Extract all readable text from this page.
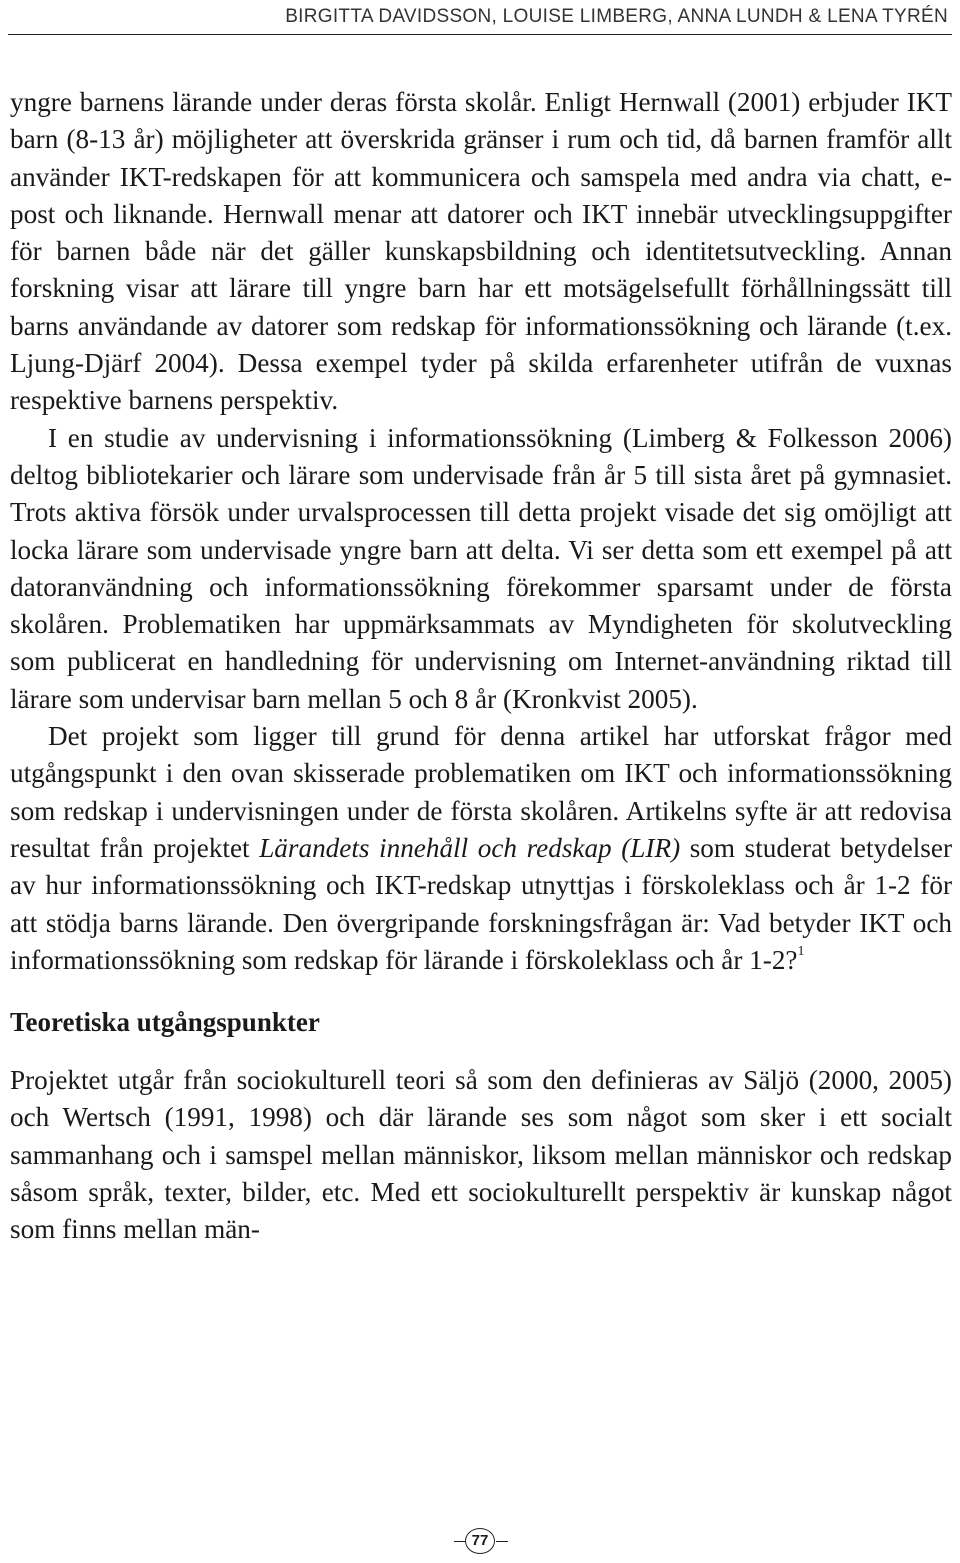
BIRGITTA DAVIDSSON, LOUISE LIMBERG, ANNA LUNDH & LENA TYRÉN

yngre barnens lärande under deras första skolår. Enligt Hernwall (2001) erbjuder IKT barn (8-13 år) möjligheter att överskrida gränser i rum och tid, då barnen framför allt använder IKT-redskapen för att kommunicera och samspela med andra via chatt, e-post och liknande. Hernwall menar att datorer och IKT innebär utvecklingsuppgifter för barnen både när det gäller kunskapsbildning och identitetsutveckling. Annan forskning visar att lärare till yngre barn har ett motsägelsefullt förhållningssätt till barns användande av datorer som redskap för informationssökning och lärande (t.ex. Ljung-Djärf 2004). Dessa exempel tyder på skilda erfarenheter utifrån de vuxnas respektive barnens perspektiv.

I en studie av undervisning i informationssökning (Limberg & Folkesson 2006) deltog bibliotekarier och lärare som undervisade från år 5 till sista året på gymnasiet. Trots aktiva försök under urvalsprocessen till detta projekt visade det sig omöjligt att locka lärare som undervisade yngre barn att delta. Vi ser detta som ett exempel på att datoranvändning och informationssökning förekommer sparsamt under de första skolåren. Problematiken har uppmärksammats av Myndigheten för skolutveckling som publicerat en handledning för undervisning om Internet-användning riktad till lärare som undervisar barn mellan 5 och 8 år (Kronkvist 2005).

Det projekt som ligger till grund för denna artikel har utforskat frågor med utgångspunkt i den ovan skisserade problematiken om IKT och informationssökning som redskap i undervisningen under de första skolåren. Artikelns syfte är att redovisa resultat från projektet Lärandets innehåll och redskap (LIR) som studerat betydelser av hur informationssökning och IKT-redskap utnyttjas i förskoleklass och år 1-2 för att stödja barns lärande. Den övergripande forskningsfrågan är: Vad betyder IKT och informationssökning som redskap för lärande i förskoleklass och år 1-2?$^1$

Teoretiska utgångspunkter

Projektet utgår från sociokulturell teori så som den definieras av Säljö (2000, 2005) och Wertsch (1991, 1998) och där lärande ses som något som sker i ett socialt sammanhang och i samspel mellan människor, liksom mellan människor och redskap såsom språk, texter, bilder, etc. Med ett sociokulturellt perspektiv är kunskap något som finns mellan män-

77
